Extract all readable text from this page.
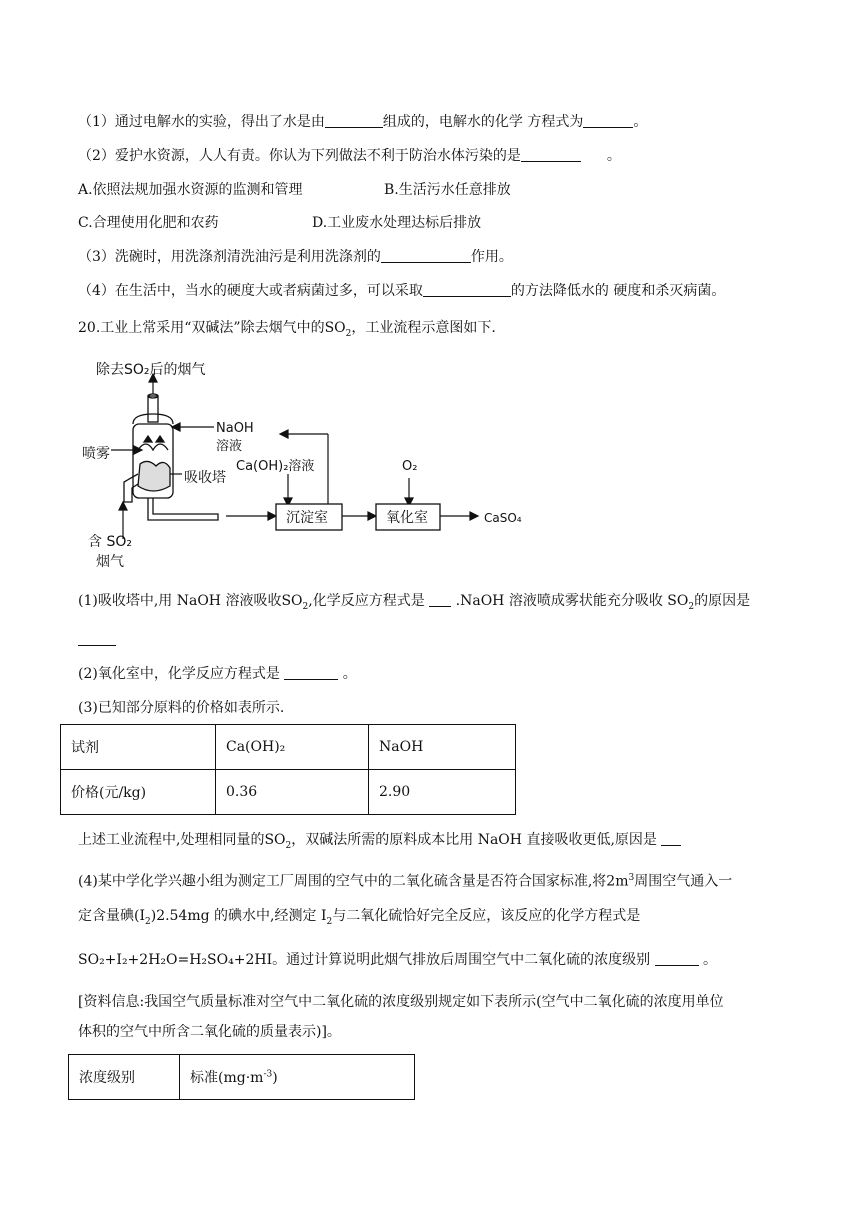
（1）通过电解水的实验，得出了水是由	组成的，电解水的化学 方程式为	。
（2）爱护水资源，人人有责。你认为下列做法不利于防治水体污染的是	。
A.依照法规加强水资源的监测和管理	B.生活污水任意排放
C.合理使用化肥和农药	D.工业废水处理达标后排放
（3）洗碗时，用洗涤剂清洗油污是利用洗涤剂的	作用。
（4）在生活中，当水的硬度大或者病菌过多，可以采取	的方法降低水的 硬度和杀灭病菌。
20.工业上常采用“双碱法”除去烟气中的$SO_2$，工业流程示意图如下.
除去SO₂后的烟气
喷雾
NaOH
溶液
Ca(OH)₂溶液
吸收塔
O₂
沉淀室	氧化室	CaSO₄
含 SO₂
烟气
(1)吸收塔中,用 NaOH 溶液吸收$SO_2$,化学反应方程式是 .NaOH 溶液喷成雾状能充分吸收 $SO_2$的原因是
(2)氧化室中，化学反应方程式是	。
(3)已知部分原料的价格如表所示.
试剂	Ca(OH)₂	NaOH
价格(元/kg)	0.36	2.90
上述工业流程中,处理相同量的$SO_2$，双碱法所需的原料成本比用 NaOH 直接吸收更低,原因是
(4)某中学化学兴趣小组为测定工厂周围的空气中的二氧化硫含量是否符合国家标准,将$2m^3$周围空气通入一
定含量碘$(I_2)2.54mg$ 的碘水中,经测定 $I_2$与二氧化硫恰好完全反应，该反应的化学方程式是
SO₂+I₂+2H₂O=H₂SO₄+2HI。通过计算说明此烟气排放后周围空气中二氧化硫的浓度级别	。
[资料信息:我国空气质量标准对空气中二氧化硫的浓度级别规定如下表所示(空气中二氧化硫的浓度用单位
体积的空气中所含二氧化硫的质量表示)]。
浓度级别	标准$(mg\cdot m^{-3})$
